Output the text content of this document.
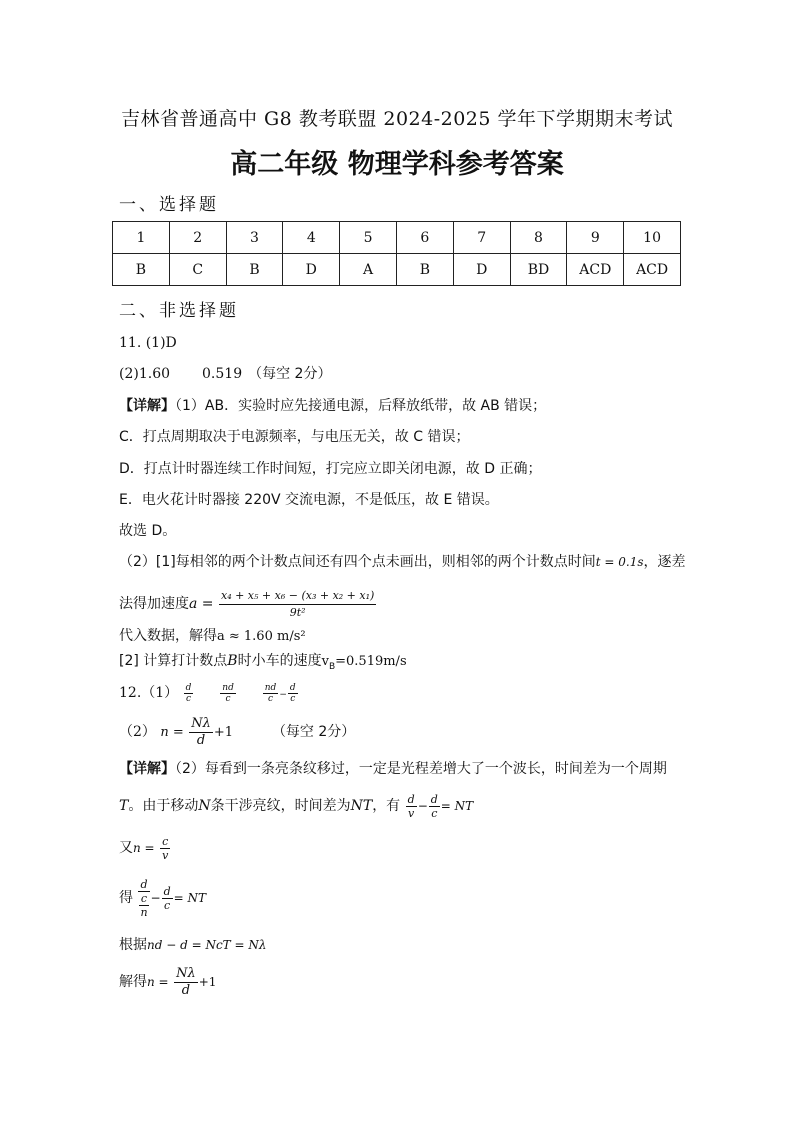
吉林省普通高中 G8 教考联盟 2024-2025 学年下学期期末考试
高二年级 物理学科参考答案
一、选择题
1	2	3	4	5	6	7	8	9	10
B	C	B	D	A	B	D	BD	ACD	ACD
二、非选择题
11. (1)D
(2)1.60 0.519 （每空 2分）
【详解】（1）AB．实验时应先接通电源，后释放纸带，故 AB 错误；
C．打点周期取决于电源频率，与电压无关，故 C 错误；
D．打点计时器连续工作时间短，打完应立即关闭电源，故 D 正确；
E．电火花计时器接 220V 交流电源，不是低压，故 E 错误。
故选 D。
（2）[1]每相邻的两个计数点间还有四个点未画出，则相邻的两个计数点时间t = 0.1s，逐差
法得加速度$a = \frac{\text{x₄ + x₅ + x₆ − (x₃ + x₂ + x₁)}}{\text{9t²}}$
代入数据，解得a ≈ 1.60 m/s²
[2] 计算打计数点B时小车的速度$v_B=0.519m/s$
$12.(1) \frac{d}{c}$
	$\frac{nd}{c}$
	$\frac{nd}{c} - \frac{d}{c}$
（2） $n = \frac{N\lambda}{d} +1$	（每空 2分）
【详解】（2）每看到一条亮条纹移过，一定是光程差增大了一个波长，时间差为一个周期
T。由于移动N条干涉亮纹，时间差为NT，有 $\frac{d}{v} - \frac{d}{c}$ = NT
又$n = \frac{c}{v}$
得
d
c
n
− $\frac{d}{c}$ = NT
根据nd − d = NcT = Nλ
解得$n = \frac{N\lambda}{d} +1$
